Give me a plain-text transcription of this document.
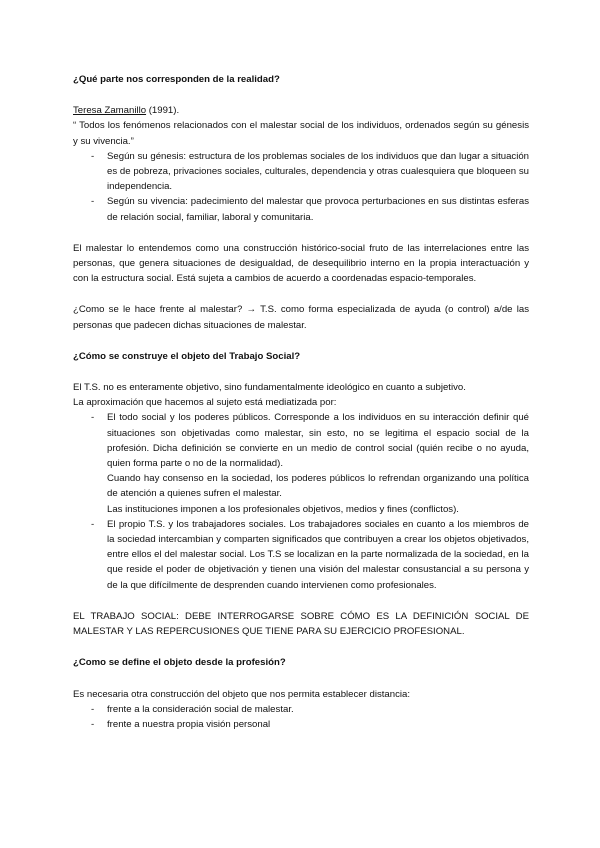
¿Qué parte nos corresponden de la realidad?
Teresa Zamanillo (1991).
“ Todos los fenómenos relacionados con el malestar social de los individuos, ordenados según su génesis y su vivencia.”
- Según su génesis: estructura de los problemas sociales de los individuos que dan lugar a situación es de pobreza, privaciones sociales, culturales, dependencia y otras cualesquiera que bloqueen su independencia.
- Según su vivencia: padecimiento del malestar que provoca perturbaciones en sus distintas esferas de relación social, familiar, laboral y comunitaria.
El malestar lo entendemos como una construcción histórico-social fruto de las interrelaciones entre las personas, que genera situaciones de desigualdad, de desequilibrio interno en la propia interactuación y con la estructura social. Está sujeta a cambios de acuerdo a coordenadas espacio-temporales.
¿Como se le hace frente al malestar? → T.S. como forma especializada de ayuda (o control) a/de las personas que padecen dichas situaciones de malestar.
¿Cómo se construye el objeto del Trabajo Social?
El T.S. no es enteramente objetivo, sino fundamentalmente ideológico en cuanto a subjetivo.
La aproximación que hacemos al sujeto está mediatizada por:
- El todo social y los poderes públicos. Corresponde a los individuos en su interacción definir qué situaciones son objetivadas como malestar, sin esto, no se legitima el espacio social de la profesión. Dicha definición se convierte en un medio de control social (quién recibe o no ayuda, quien forma parte o no de la normalidad).
Cuando hay consenso en la sociedad, los poderes públicos lo refrendan organizando una política de atención a quienes sufren el malestar.
Las instituciones imponen a los profesionales objetivos, medios y fines (conflictos).
- El propio T.S. y los trabajadores sociales. Los trabajadores sociales en cuanto a los miembros de la sociedad intercambian y comparten significados que contribuyen a crear los objetos objetivados, entre ellos el del malestar social. Los T.S se localizan en la parte normalizada de la sociedad, en la que reside el poder de objetivación y tienen una visión del malestar consustancial a su persona y de la que difícilmente de desprenden cuando intervienen como profesionales.
EL TRABAJO SOCIAL: DEBE INTERROGARSE SOBRE CÓMO ES LA DEFINICIÓN SOCIAL DE MALESTAR Y LAS REPERCUSIONES QUE TIENE PARA SU EJERCICIO PROFESIONAL.
¿Como se define el objeto desde la profesión?
Es necesaria otra construcción del objeto que nos permita establecer distancia:
- frente a la consideración social de malestar.
- frente a nuestra propia visión personal
